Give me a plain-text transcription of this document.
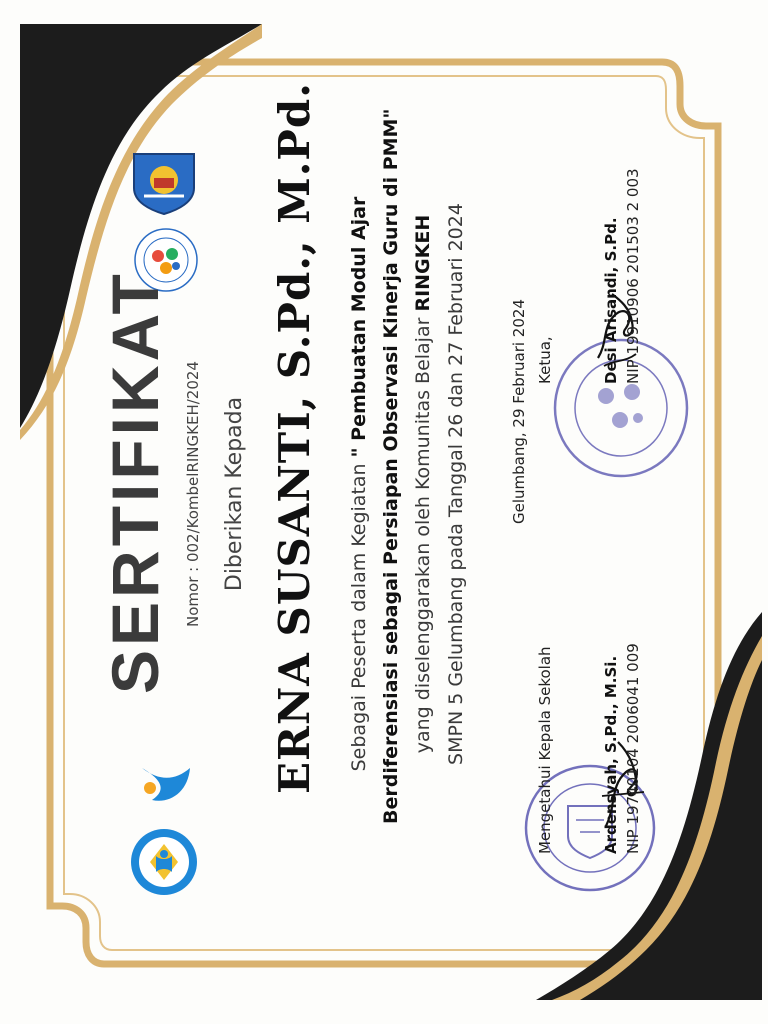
SERTIFIKAT Nomor : 002/KombelRINGKEH/2024 Diberikan Kepada ERNA SUSANTI, S.Pd., M.Pd. Sebagai Peserta dalam Kegiatan " Pembuatan Modul Ajar Berdiferensiasi sebagai Persiapan Observasi Kinerja Guru di PMM" yang diselenggarakan oleh Komunitas Belajar RINGKEH SMPN 5 Gelumbang pada Tanggal 26 dan 27 Februari 2024	Gelumbang, 29 Februari 2024
Mengetahui Kepala Sekolah
Ketua,
Ardensyah, S.Pd., M.Si. NIP 19740104 2006041 009
Desi Arisandi, S.Pd. NIP 19910906 201503 2 003
